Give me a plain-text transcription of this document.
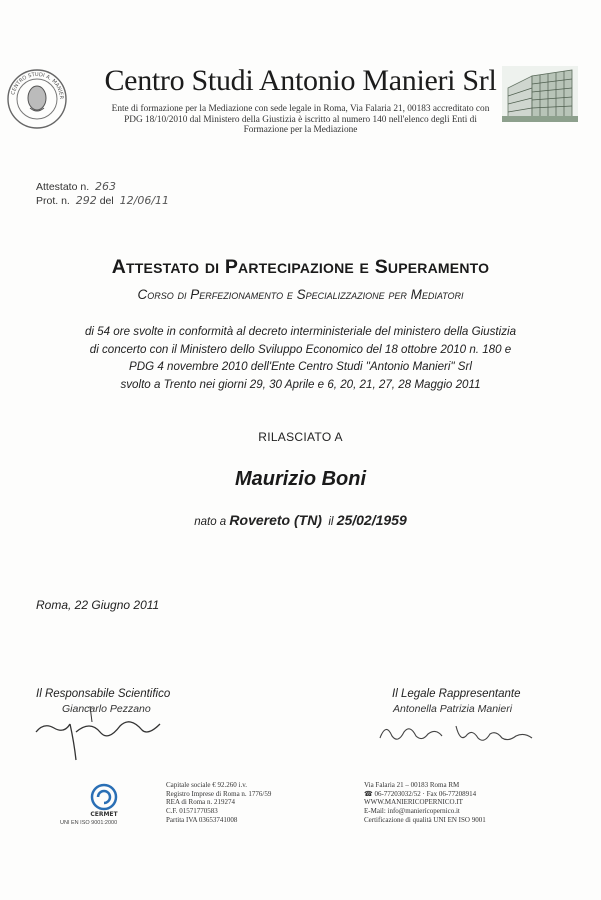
CENTRO STUDI A. MANIER
Centro Studi Antonio Manieri Srl
Ente di formazione per la Mediazione con sede legale in Roma, Via Falaria 21, 00183 accreditato con
PDG 18/10/2010 dal Ministero della Giustizia è iscritto al numero 140 nell'elenco degli Enti di
Formazione per la Mediazione
Attestato n. 263
Prot. n. 292 del 12/06/11
Attestato di Partecipazione e Superamento
Corso di Perfezionamento e Specializzazione per Mediatori
di 54 ore svolte in conformità al decreto interministeriale del ministero della Giustizia
di concerto con il Ministero dello Sviluppo Economico del 18 ottobre 2010 n. 180 e
PDG 4 novembre 2010 dell'Ente Centro Studi "Antonio Manieri" Srl
svolto a Trento nei giorni 29, 30 Aprile e 6, 20, 21, 27, 28 Maggio 2011
RILASCIATO A
Maurizio Boni
nato a Rovereto (TN) il 25/02/1959
Roma, 22 Giugno 2011
Il Responsabile Scientifico
Giancarlo Pezzano
Il Legale Rappresentante
Antonella Patrizia Manieri
CERMET
UNI EN ISO 9001:2000
Capitale sociale € 92.260 i.v.
Registro Imprese di Roma n. 1776/59
REA di Roma n. 219274
C.F. 01571770583
Partita IVA 03653741008
Via Falaria 21 – 00183 Roma RM
☎ 06-77203032/52 · Fax 06-77208914
WWW.MANIERICOPERNICO.IT
E-Mail: info@manierícopernico.it
Certificazione di qualità UNI EN ISO 9001
